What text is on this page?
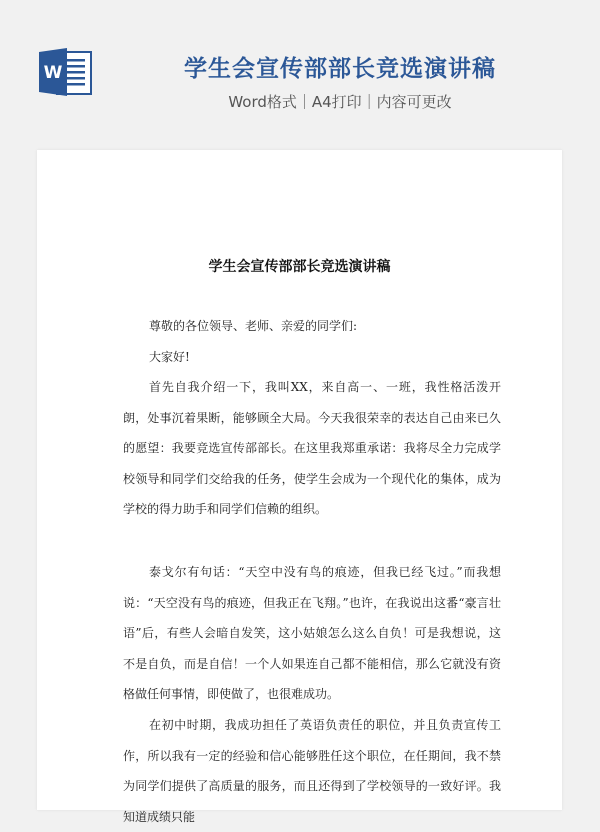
W	学生会宣传部部长竞选演讲稿
Word格式｜A4打印｜内容可更改
学生会宣传部部长竞选演讲稿
尊敬的各位领导、老师、亲爱的同学们:
大家好!
首先自我介绍一下，我叫XX，来自高一、一班，我性格活泼开朗，处事沉着果断，能够顾全大局。今天我很荣幸的表达自己由来已久的愿望：我要竞选宣传部部长。在这里我郑重承诺：我将尽全力完成学校领导和同学们交给我的任务，使学生会成为一个现代化的集体，成为学校的得力助手和同学们信赖的组织。
泰戈尔有句话：“天空中没有鸟的痕迹，但我已经飞过。”而我想说：“天空没有鸟的痕迹，但我正在飞翔。”也许，在我说出这番“豪言壮语”后，有些人会暗自发笑，这小姑娘怎么这么自负！可是我想说，这不是自负，而是自信！一个人如果连自己都不能相信，那么它就没有资格做任何事情，即使做了，也很难成功。
在初中时期，我成功担任了英语负责任的职位，并且负责宣传工作，所以我有一定的经验和信心能够胜任这个职位，在任期间，我不禁为同学们提供了高质量的服务，而且还得到了学校领导的一致好评。我知道成绩只能
